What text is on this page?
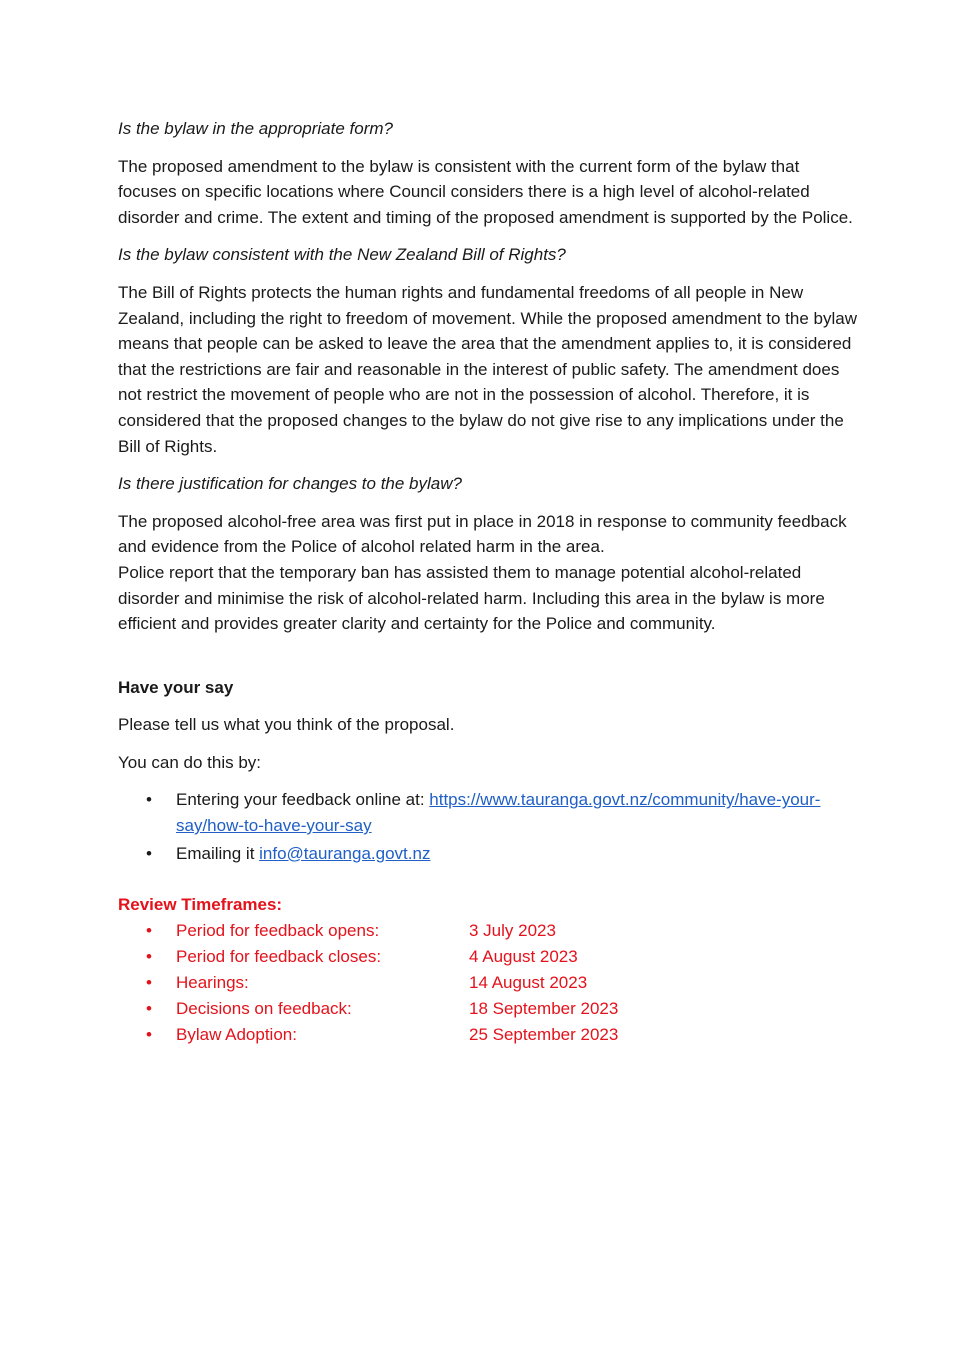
Is the bylaw in the appropriate form?

The proposed amendment to the bylaw is consistent with the current form of the bylaw that focuses on specific locations where Council considers there is a high level of alcohol-related disorder and crime. The extent and timing of the proposed amendment is supported by the Police.

Is the bylaw consistent with the New Zealand Bill of Rights?

The Bill of Rights protects the human rights and fundamental freedoms of all people in New Zealand, including the right to freedom of movement. While the proposed amendment to the bylaw means that people can be asked to leave the area that the amendment applies to, it is considered that the restrictions are fair and reasonable in the interest of public safety. The amendment does not restrict the movement of people who are not in the possession of alcohol. Therefore, it is considered that the proposed changes to the bylaw do not give rise to any implications under the Bill of Rights.

Is there justification for changes to the bylaw?

The proposed alcohol-free area was first put in place in 2018 in response to community feedback and evidence from the Police of alcohol related harm in the area.
Police report that the temporary ban has assisted them to manage potential alcohol-related disorder and minimise the risk of alcohol-related harm. Including this area in the bylaw is more efficient and provides greater clarity and certainty for the Police and community.

Have your say

Please tell us what you think of the proposal.

You can do this by:

• Entering your feedback online at: https://www.tauranga.govt.nz/community/have-your-say/how-to-have-your-say
• Emailing it info@tauranga.govt.nz

Review Timeframes:

• Period for feedback opens:	3 July 2023
• Period for feedback closes:	4 August 2023
• Hearings:	14 August 2023
• Decisions on feedback:	18 September 2023
• Bylaw Adoption:	25 September 2023
